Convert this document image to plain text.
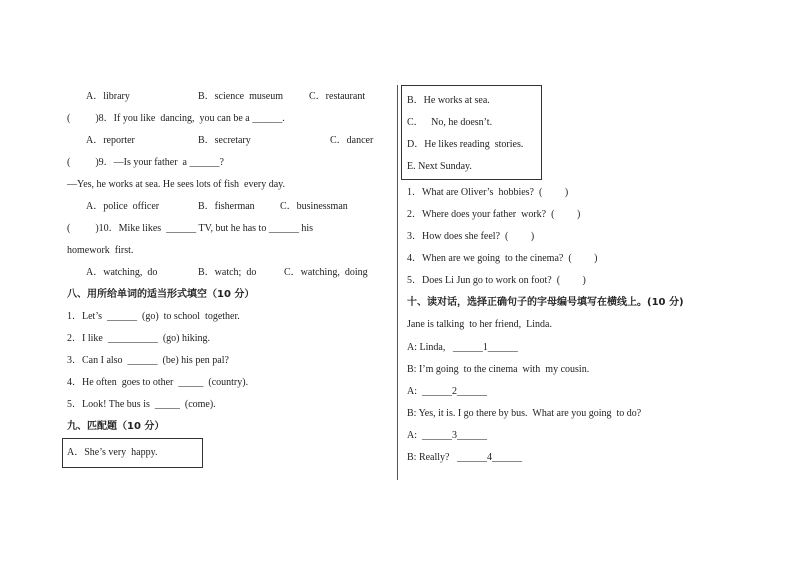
A．library	B．science  museum	C．restaurant
(          )8．If you like  dancing,  you can be a ______.
A．reporter	B．secretary	C．dancer
(          )9．—Is your father  a ______?
—Yes, he works at sea. He sees lots of fish  every day.
A．police  officer	B．fisherman	C．businessman
(          )10．Mike likes  ______ TV, but he has to ______ his
homework  first.
A．watching,  do	B．watch;  do	C．watching,  doing
八、用所给单词的适当形式填空（10 分）
1．Let’s  ______  (go)  to school  together.
2．I like  __________  (go) hiking.
3．Can I also  ______  (be) his pen pal?
4．He often  goes to other  _____  (country).
5．Look! The bus is  _____  (come).
九、匹配题（10 分）
A．She’s very  happy.
B．He works at sea.
C．   No, he doesn’t.
D．He likes reading  stories.
E. Next Sunday.
1．What are Oliver’s  hobbies?  (         )
2．Where does your father  work?  (         )
3．How does she feel?  (         )
4．When are we going  to the cinema?  (         )
5．Does Li Jun go to work on foot?  (         )
十、读对话，选择正确句子的字母编号填写在横线上。(10 分)
Jane is talking  to her friend,  Linda.
A: Linda,   ______1______
B: I’m going  to the cinema  with  my cousin.
A:  ______2______
B: Yes, it is. I go there by bus.  What are you going  to do?
A:  ______3______
B: Really?   ______4______
